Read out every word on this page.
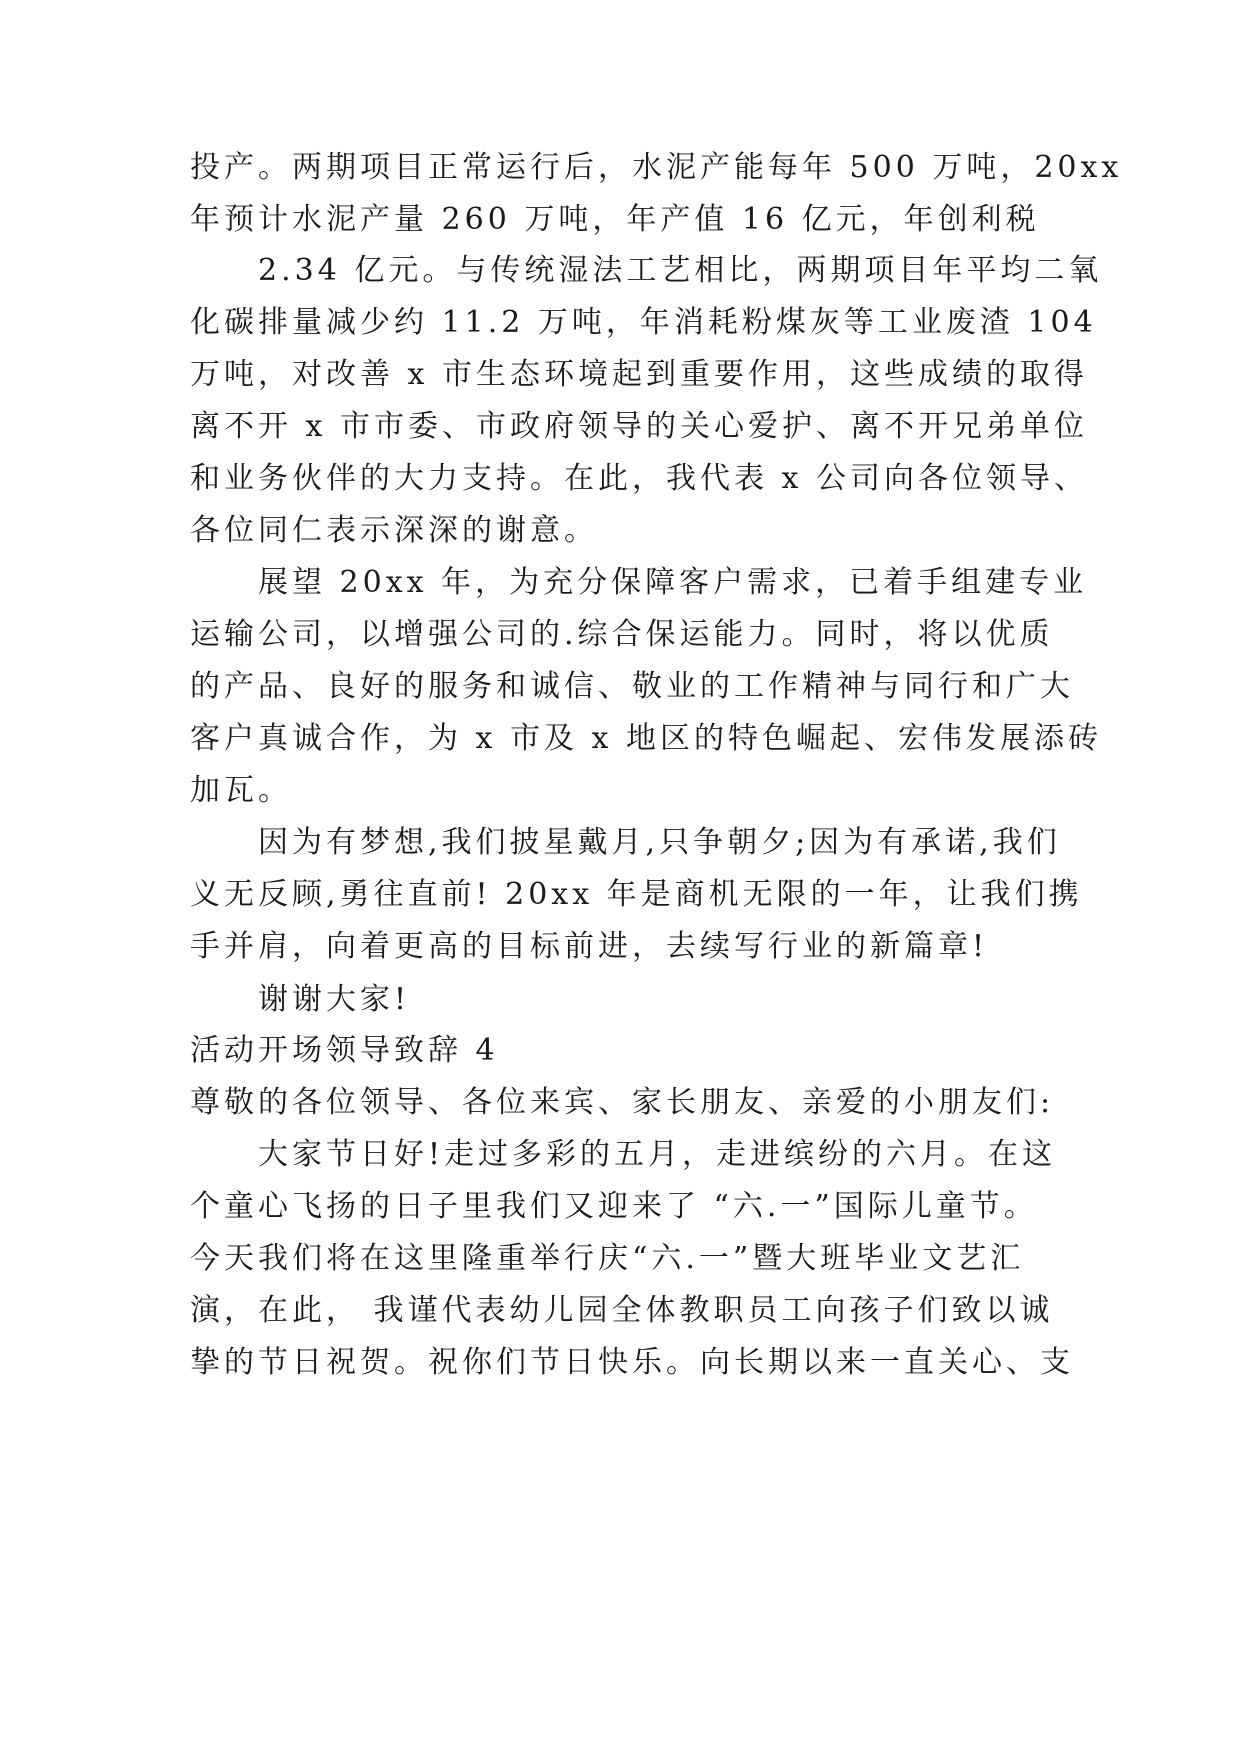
投产。两期项目正常运行后，水泥产能每年 500 万吨，20xx

年预计水泥产量 260 万吨，年产值 16 亿元，年创利税

2.34 亿元。与传统湿法工艺相比，两期项目年平均二氧

化碳排量减少约 11.2 万吨，年消耗粉煤灰等工业废渣 104

万吨，对改善 x 市生态环境起到重要作用，这些成绩的取得

离不开 x 市市委、市政府领导的关心爱护、离不开兄弟单位

和业务伙伴的大力支持。在此，我代表 x 公司向各位领导、

各位同仁表示深深的谢意。

展望 20xx 年，为充分保障客户需求，已着手组建专业

运输公司，以增强公司的.综合保运能力。同时，将以优质

的产品、良好的服务和诚信、敬业的工作精神与同行和广大

客户真诚合作，为 x 市及 x 地区的特色崛起、宏伟发展添砖

加瓦。

因为有梦想,我们披星戴月,只争朝夕;因为有承诺,我们

义无反顾,勇往直前! 20xx 年是商机无限的一年，让我们携

手并肩，向着更高的目标前进，去续写行业的新篇章!

谢谢大家!

活动开场领导致辞 4

尊敬的各位领导、各位来宾、家长朋友、亲爱的小朋友们:

大家节日好!走过多彩的五月，走进缤纷的六月。在这

个童心飞扬的日子里我们又迎来了 “六.一”国际儿童节。

今天我们将在这里隆重举行庆“六.一”暨大班毕业文艺汇

演，在此， 我谨代表幼儿园全体教职员工向孩子们致以诚

挚的节日祝贺。祝你们节日快乐。向长期以来一直关心、支
